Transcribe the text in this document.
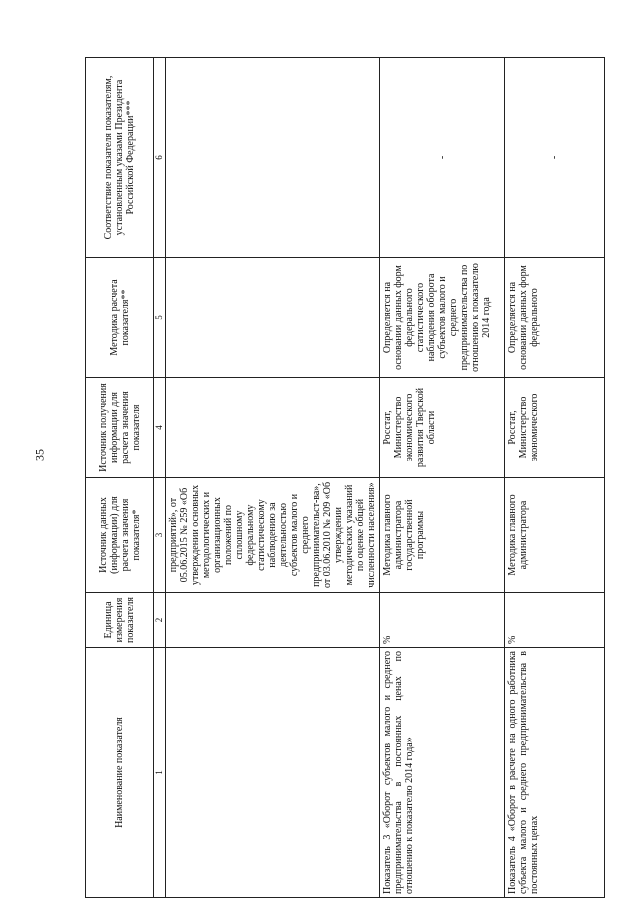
35
Наименование показателя	Единица измерения показателя	Источник данных (информации) для расчета значения показателя*	Источник получения информации для расчета значения показателя	Методика расчета показателя**	Соответствие показателя показателям, установленным указами Президента Российской Федерации***
1	2	3	4	5	6
		предприятий», от 05.06.2015 № 259 «Об утверждении основных методологических и организационных положений по сплошному федеральному статистическому наблюдению за деятельностью субъектов малого и среднего предпринимательст-ва», от 03.06.2010 № 209 «Об утверждении методических указаний по оценке общей численности населения»			
Показатель 3 «Оборот субъектов малого и среднего предпринимательства в постоянных ценах по отношению к показателю 2014 года»	%	Методика главного администратора государственной программы	Росстат, Министерство экономического развития Тверской области	Определяется на основании данных форм федерального статистического наблюдения оборота субъектов малого и среднего предпринимательства по отношению к показателю 2014 года	-
Показатель 4 «Оборот в расчете на одного работника субъекта малого и среднего предпринимательства в постоянных ценах	%	Методика главного администратора	Росстат, Министерство экономического	Определяется на основании данных форм федерального	-
